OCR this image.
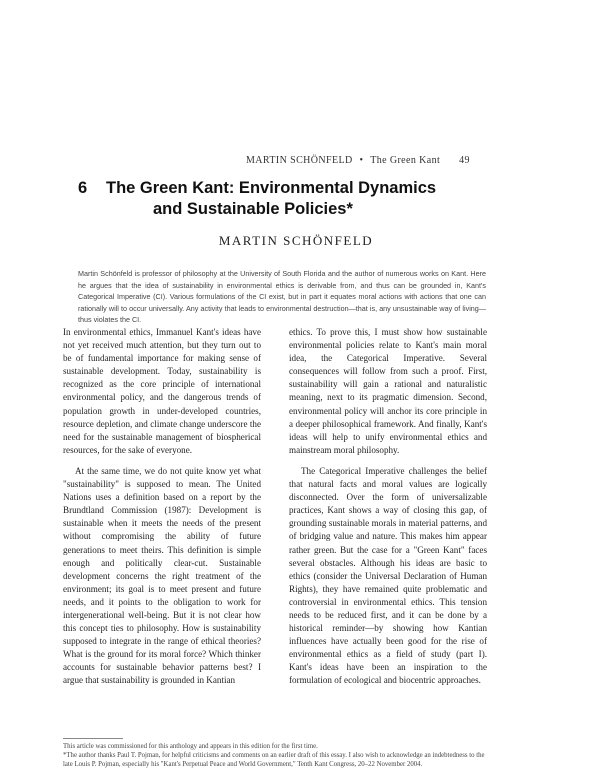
MARTIN SCHÖNFELD • The Green Kant 49
6 The Green Kant: Environmental Dynamics
and Sustainable Policies*
MARTIN SCHÖNFELD
Martin Schönfeld is professor of philosophy at the University of South Florida and the author of numerous works on Kant. Here he argues that the idea of sustainability in environmental ethics is derivable from, and thus can be grounded in, Kant's Categorical Imperative (CI). Various formulations of the CI exist, but in part it equates moral actions with actions that one can rationally will to occur universally. Any activity that leads to environmental destruction—that is, any unsustainable way of living—thus violates the CI.

In environmental ethics, Immanuel Kant's ideas have not yet received much attention, but they turn out to be of fundamental importance for making sense of sustainable development. Today, sustainability is recognized as the core principle of international environmental policy, and the dangerous trends of population growth in under-developed countries, resource depletion, and climate change underscore the need for the sustainable management of biospherical resources, for the sake of everyone.

At the same time, we do not quite know yet what "sustainability" is supposed to mean. The United Nations uses a definition based on a report by the Brundtland Commission (1987): Development is sustainable when it meets the needs of the present without compromising the ability of future generations to meet theirs. This definition is simple enough and politically clear-cut. Sustainable development concerns the right treatment of the environment; its goal is to meet present and future needs, and it points to the obligation to work for intergenerational well-being. But it is not clear how this concept ties to philosophy. How is sustainability supposed to integrate in the range of ethical theories? What is the ground for its moral force? Which thinker accounts for sustainable behavior patterns best? I argue that sustainability is grounded in Kantian

ethics. To prove this, I must show how sustainable environmental policies relate to Kant's main moral idea, the Categorical Imperative. Several consequences will follow from such a proof. First, sustainability will gain a rational and naturalistic meaning, next to its pragmatic dimension. Second, environmental policy will anchor its core principle in a deeper philosophical framework. And finally, Kant's ideas will help to unify environmental ethics and mainstream moral philosophy.

The Categorical Imperative challenges the belief that natural facts and moral values are logically disconnected. Over the form of universalizable practices, Kant shows a way of closing this gap, of grounding sustainable morals in material patterns, and of bridging value and nature. This makes him appear rather green. But the case for a "Green Kant" faces several obstacles. Although his ideas are basic to ethics (consider the Universal Declaration of Human Rights), they have remained quite problematic and controversial in environmental ethics. This tension needs to be reduced first, and it can be done by a historical reminder—by showing how Kantian influences have actually been good for the rise of environmental ethics as a field of study (part I). Kant's ideas have been an inspiration to the formulation of ecological and biocentric approaches.

This article was commissioned for this anthology and appears in this edition for the first time.

*The author thanks Paul T. Pojman, for helpful criticisms and comments on an earlier draft of this essay. I also wish to acknowledge an indebtedness to the late Louis P. Pojman, especially his "Kant's Perpetual Peace and World Government," Tenth Kant Congress, 20–22 November 2004.
